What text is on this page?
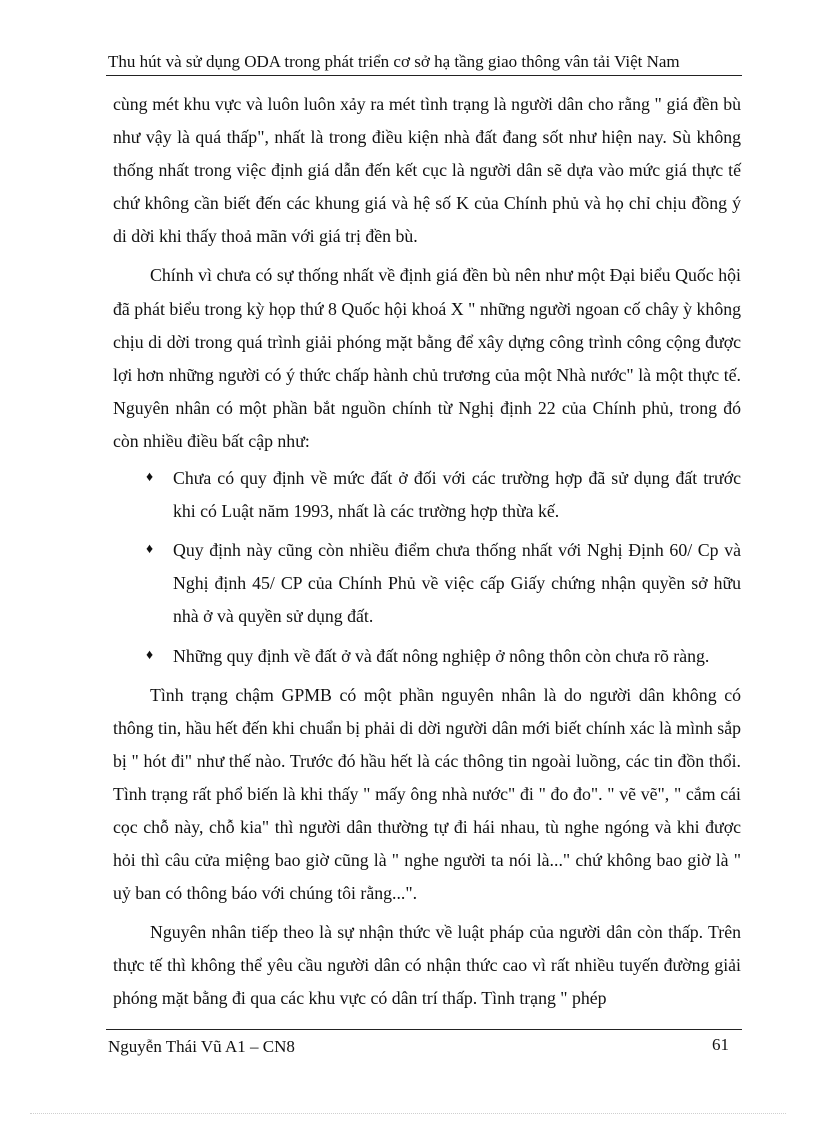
Thu hút và sử dụng ODA trong phát triển cơ sở hạ tầng giao thông vân tải Việt Nam

cùng mét khu vực và luôn luôn xảy ra mét tình trạng là người dân cho rằng " giá đền bù như vậy là quá thấp", nhất là trong điều kiện nhà đất đang sốt như hiện nay. Sù không thống nhất trong việc định giá dẫn đến kết cục là người dân sẽ dựa vào mức giá thực tế chứ không cần biết đến các khung giá và hệ số K của Chính phủ và họ chỉ chịu đồng ý di dời khi thấy thoả mãn với giá trị đền bù.

Chính vì chưa có sự thống nhất về định giá đền bù nên như một Đại biểu Quốc hội đã phát biểu trong kỳ họp thứ 8 Quốc hội khoá X " những người ngoan cố chây ỳ không chịu di dời trong quá trình giải phóng mặt bằng để xây dựng công trình công cộng được lợi hơn những người có ý thức chấp hành chủ trương của một Nhà nước" là một thực tế. Nguyên nhân có một phần bắt nguồn chính từ Nghị định 22 của Chính phủ, trong đó còn nhiều điều bất cập như:

♦ Chưa có quy định về mức đất ở đối với các trường hợp đã sử dụng đất trước khi có Luật năm 1993, nhất là các trường hợp thừa kế.
♦ Quy định này cũng còn nhiều điểm chưa thống nhất với Nghị Định 60/ Cp và Nghị định 45/ CP của Chính Phủ về việc cấp Giấy chứng nhận quyền sở hữu nhà ở và quyền sử dụng đất.
♦ Những quy định về đất ở và đất nông nghiệp ở nông thôn còn chưa rõ ràng.

Tình trạng chậm GPMB có một phần nguyên nhân là do người dân không có thông tin, hầu hết đến khi chuẩn bị phải di dời người dân mới biết chính xác là mình sắp bị " hót đi" như thế nào. Trước đó hầu hết là các thông tin ngoài luồng, các tin đồn thổi. Tình trạng rất phổ biến là khi thấy " mấy ông nhà nước" đi " đo đo". " vẽ vẽ", " cắm cái cọc chỗ này, chỗ kia" thì người dân thường tự đi hái nhau, tù nghe ngóng và khi được hỏi thì câu cửa miệng bao giờ cũng là " nghe người ta nói là..." chứ không bao giờ là " uỷ ban có thông báo với chúng tôi rằng...".

Nguyên nhân tiếp theo là sự nhận thức về luật pháp của người dân còn thấp. Trên thực tế thì không thể yêu cầu người dân có nhận thức cao vì rất nhiều tuyến đường giải phóng mặt bằng đi qua các khu vực có dân trí thấp. Tình trạng " phép

Nguyễn Thái Vũ A1 – CN8	61
